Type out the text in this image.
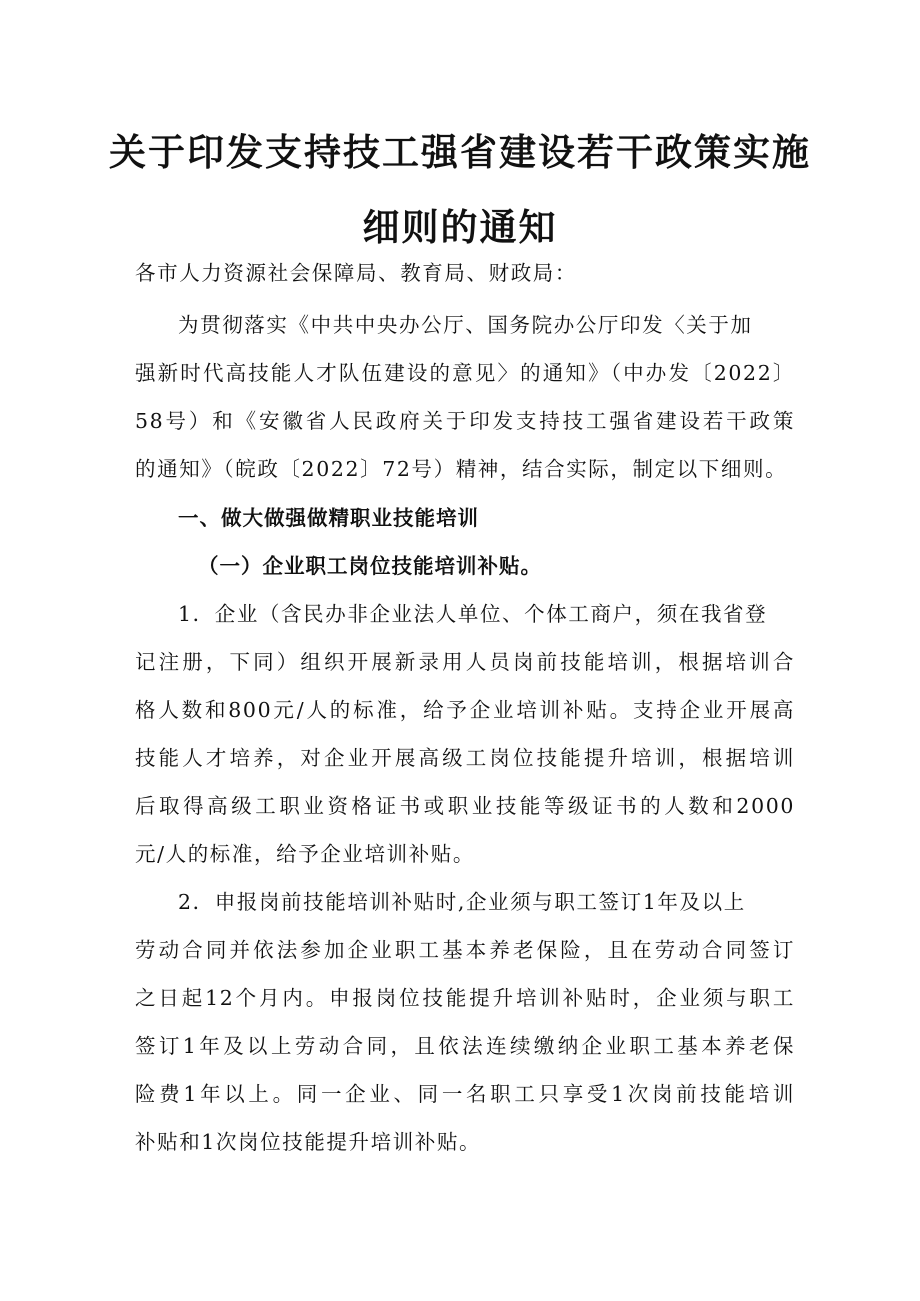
关于印发支持技工强省建设若干政策实施
细则的通知
各市人力资源社会保障局、教育局、财政局：
为贯彻落实《中共中央办公厅、国务院办公厅印发〈关于加
强新时代高技能人才队伍建设的意见〉的通知》（中办发〔2022〕
58号）和《安徽省人民政府关于印发支持技工强省建设若干政策
的通知》（皖政〔2022〕72号）精神，结合实际，制定以下细则。
一、做大做强做精职业技能培训
（一）企业职工岗位技能培训补贴。
1．企业（含民办非企业法人单位、个体工商户，须在我省登
记注册，下同）组织开展新录用人员岗前技能培训，根据培训合
格人数和800元/人的标准，给予企业培训补贴。支持企业开展高
技能人才培养，对企业开展高级工岗位技能提升培训，根据培训
后取得高级工职业资格证书或职业技能等级证书的人数和2000
元/人的标准，给予企业培训补贴。
2．申报岗前技能培训补贴时,企业须与职工签订1年及以上
劳动合同并依法参加企业职工基本养老保险，且在劳动合同签订
之日起12个月内。申报岗位技能提升培训补贴时，企业须与职工
签订1年及以上劳动合同，且依法连续缴纳企业职工基本养老保
险费1年以上。同一企业、同一名职工只享受1次岗前技能培训
补贴和1次岗位技能提升培训补贴。
